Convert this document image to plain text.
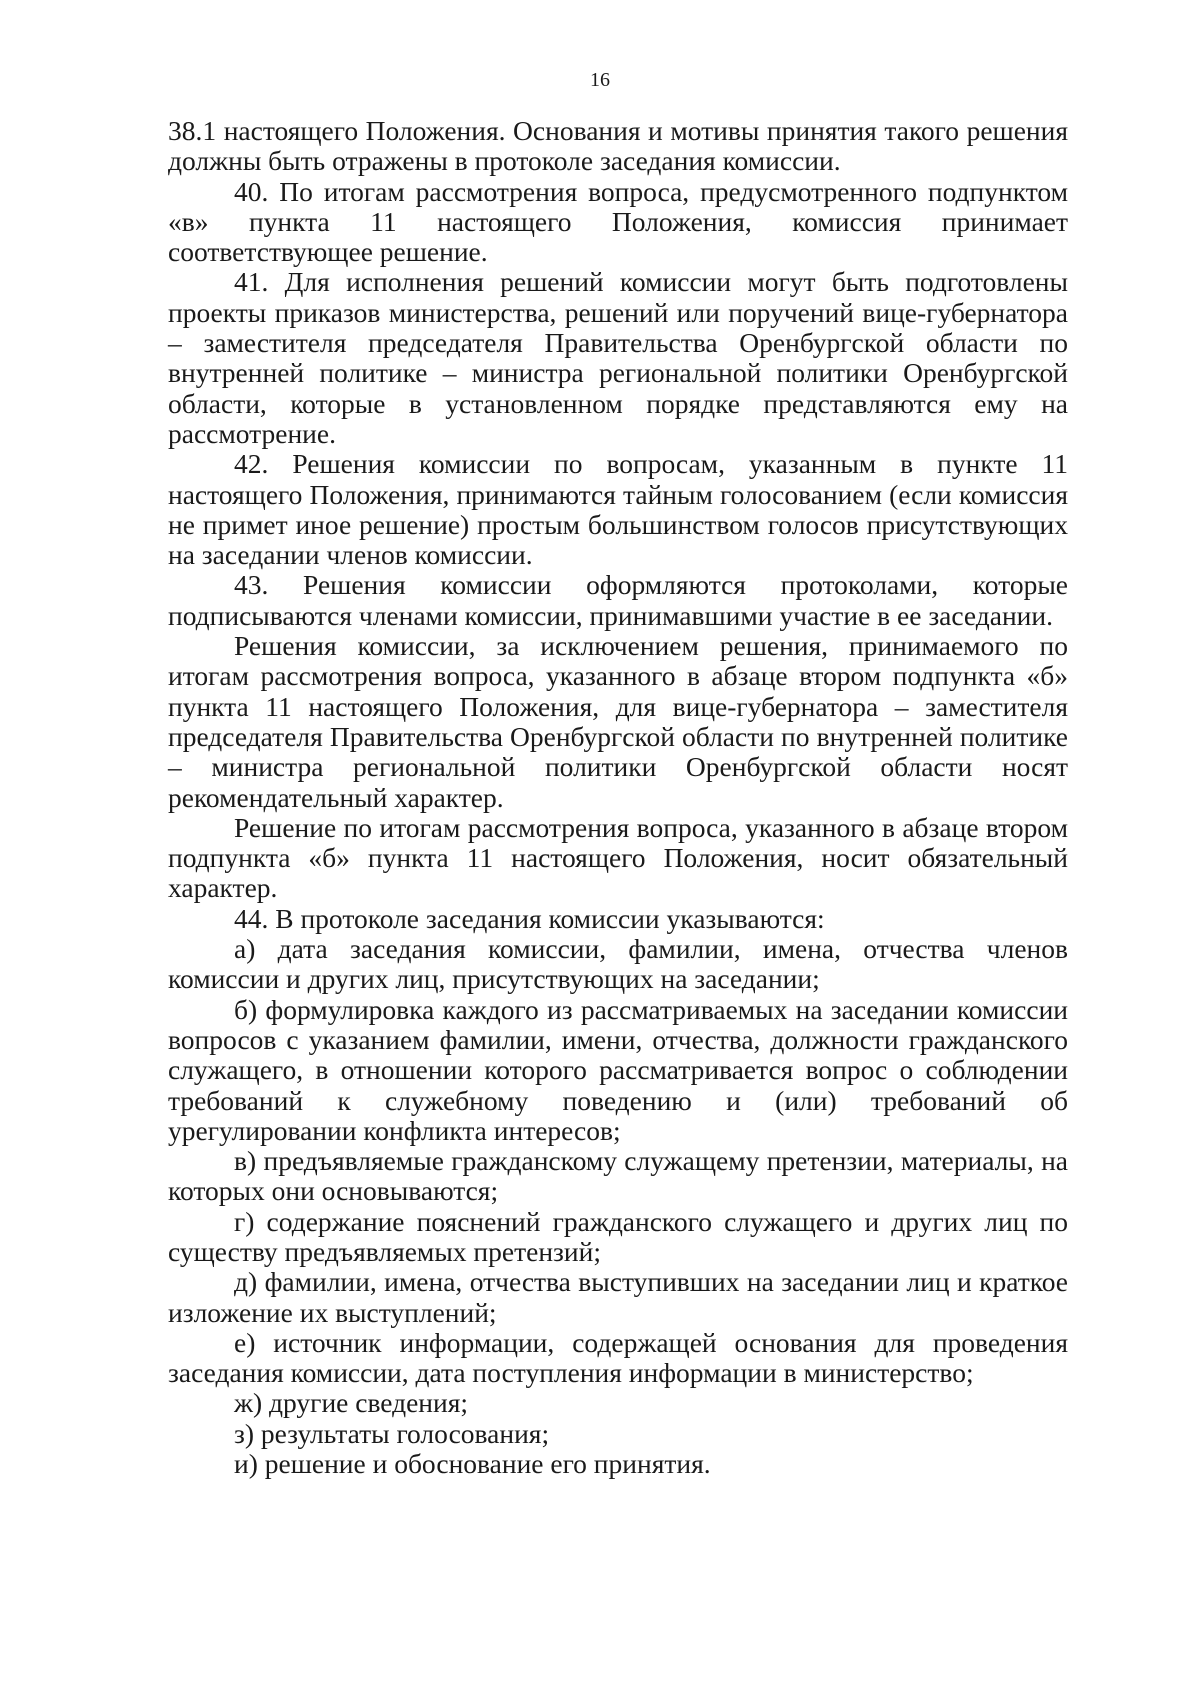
16

38.1 настоящего Положения. Основания и мотивы принятия такого решения должны быть отражены в протоколе заседания комиссии.

40. По итогам рассмотрения вопроса, предусмотренного подпунктом «в» пункта 11 настоящего Положения, комиссия принимает соответствующее решение.

41. Для исполнения решений комиссии могут быть подготовлены проекты приказов министерства, решений или поручений вице-губернатора – заместителя председателя Правительства Оренбургской области по внутренней политике – министра региональной политики Оренбургской области, которые в установленном порядке представляются ему на рассмотрение.

42. Решения комиссии по вопросам, указанным в пункте 11 настоящего Положения, принимаются тайным голосованием (если комиссия не примет иное решение) простым большинством голосов присутствующих на заседании членов комиссии.

43. Решения комиссии оформляются протоколами, которые подписываются членами комиссии, принимавшими участие в ее заседании.

Решения комиссии, за исключением решения, принимаемого по итогам рассмотрения вопроса, указанного в абзаце втором подпункта «б» пункта 11 настоящего Положения, для вице-губернатора – заместителя председателя Правительства Оренбургской области по внутренней политике – министра региональной политики Оренбургской области носят рекомендательный характер.

Решение по итогам рассмотрения вопроса, указанного в абзаце втором подпункта «б» пункта 11 настоящего Положения, носит обязательный характер.

44. В протоколе заседания комиссии указываются:

а) дата заседания комиссии, фамилии, имена, отчества членов комиссии и других лиц, присутствующих на заседании;

б) формулировка каждого из рассматриваемых на заседании комиссии вопросов с указанием фамилии, имени, отчества, должности гражданского служащего, в отношении которого рассматривается вопрос о соблюдении требований к служебному поведению и (или) требований об урегулировании конфликта интересов;

в) предъявляемые гражданскому служащему претензии, материалы, на которых они основываются;

г) содержание пояснений гражданского служащего и других лиц по существу предъявляемых претензий;

д) фамилии, имена, отчества выступивших на заседании лиц и краткое изложение их выступлений;

е) источник информации, содержащей основания для проведения заседания комиссии, дата поступления информации в министерство;

ж) другие сведения;

з) результаты голосования;

и) решение и обоснование его принятия.
